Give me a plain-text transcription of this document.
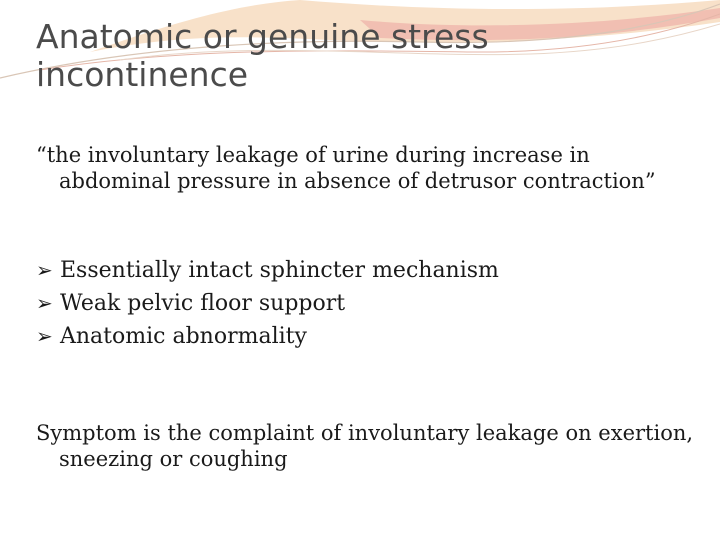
Anatomic or genuine stress incontinence

“the involuntary leakage of urine during increase in abdominal pressure in absence of detrusor contraction”

➢ Essentially intact sphincter mechanism
➢ Weak pelvic floor support
➢ Anatomic abnormality

Symptom is the complaint of involuntary leakage on exertion, sneezing or coughing
